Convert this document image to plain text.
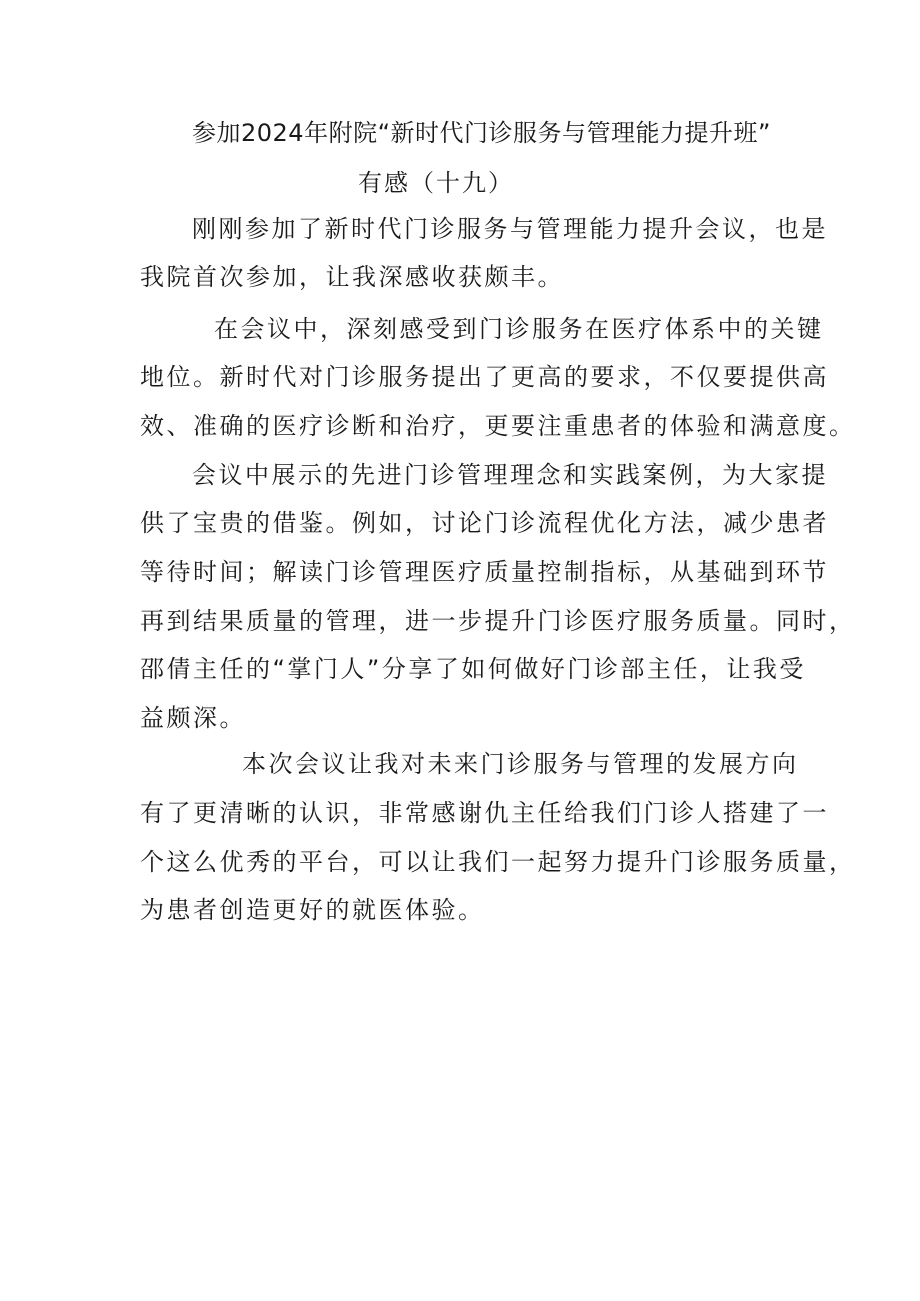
参加2024年附院“新时代门诊服务与管理能力提升班”
有感（十九）
刚刚参加了新时代门诊服务与管理能力提升会议，也是
我院首次参加，让我深感收获颇丰。
在会议中，深刻感受到门诊服务在医疗体系中的关键
地位。新时代对门诊服务提出了更高的要求，不仅要提供高
效、准确的医疗诊断和治疗，更要注重患者的体验和满意度。
会议中展示的先进门诊管理理念和实践案例，为大家提
供了宝贵的借鉴。例如，讨论门诊流程优化方法，减少患者
等待时间；解读门诊管理医疗质量控制指标，从基础到环节
再到结果质量的管理，进一步提升门诊医疗服务质量。同时，
邵倩主任的“掌门人”分享了如何做好门诊部主任，让我受
益颇深。
本次会议让我对未来门诊服务与管理的发展方向
有了更清晰的认识，非常感谢仇主任给我们门诊人搭建了一
个这么优秀的平台，可以让我们一起努力提升门诊服务质量，
为患者创造更好的就医体验。
